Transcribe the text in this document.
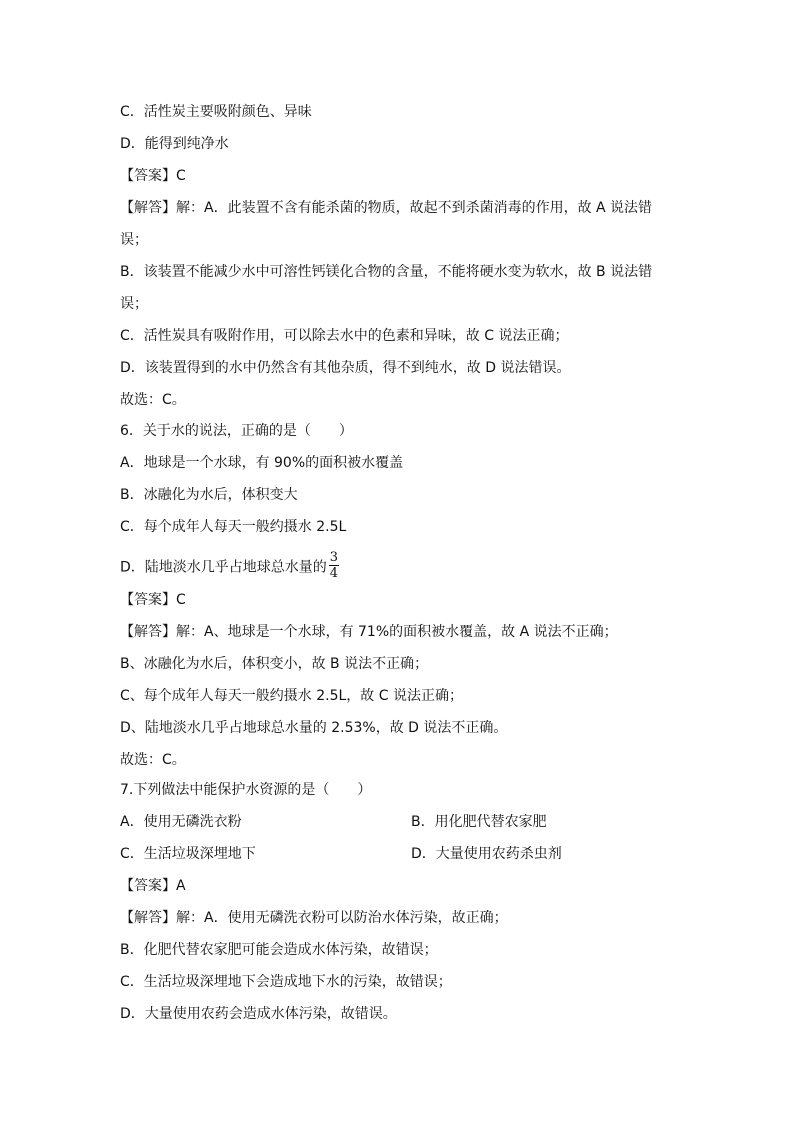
C．活性炭主要吸附颜色、异味
D．能得到纯净水
【答案】C
【解答】解：A．此装置不含有能杀菌的物质，故起不到杀菌消毒的作用，故 A 说法错
误；
B．该装置不能减少水中可溶性钙镁化合物的含量，不能将硬水变为软水，故 B 说法错
误；
C．活性炭具有吸附作用，可以除去水中的色素和异味，故 C 说法正确；
D．该装置得到的水中仍然含有其他杂质，得不到纯水，故 D 说法错误。
故选：C。
6．关于水的说法，正确的是（　　）
A．地球是一个水球，有 90%的面积被水覆盖
B．冰融化为水后，体积变大
C．每个成年人每天一般约摄水 2.5L
D．陆地淡水几乎占地球总水量的 $\frac{3}{4}$
【答案】C
【解答】解：A、地球是一个水球，有 71%的面积被水覆盖，故 A 说法不正确；
B、冰融化为水后，体积变小，故 B 说法不正确；
C、每个成年人每天一般约摄水 2.5L，故 C 说法正确；
D、陆地淡水几乎占地球总水量的 2.53%，故 D 说法不正确。
故选：C。
7.下列做法中能保护水资源的是（　　）
A．使用无磷洗衣粉	B．用化肥代替农家肥
C．生活垃圾深埋地下	D．大量使用农药杀虫剂
【答案】A
【解答】解：A．使用无磷洗衣粉可以防治水体污染，故正确；
B．化肥代替农家肥可能会造成水体污染，故错误；
C．生活垃圾深埋地下会造成地下水的污染，故错误；
D．大量使用农药会造成水体污染，故错误。
